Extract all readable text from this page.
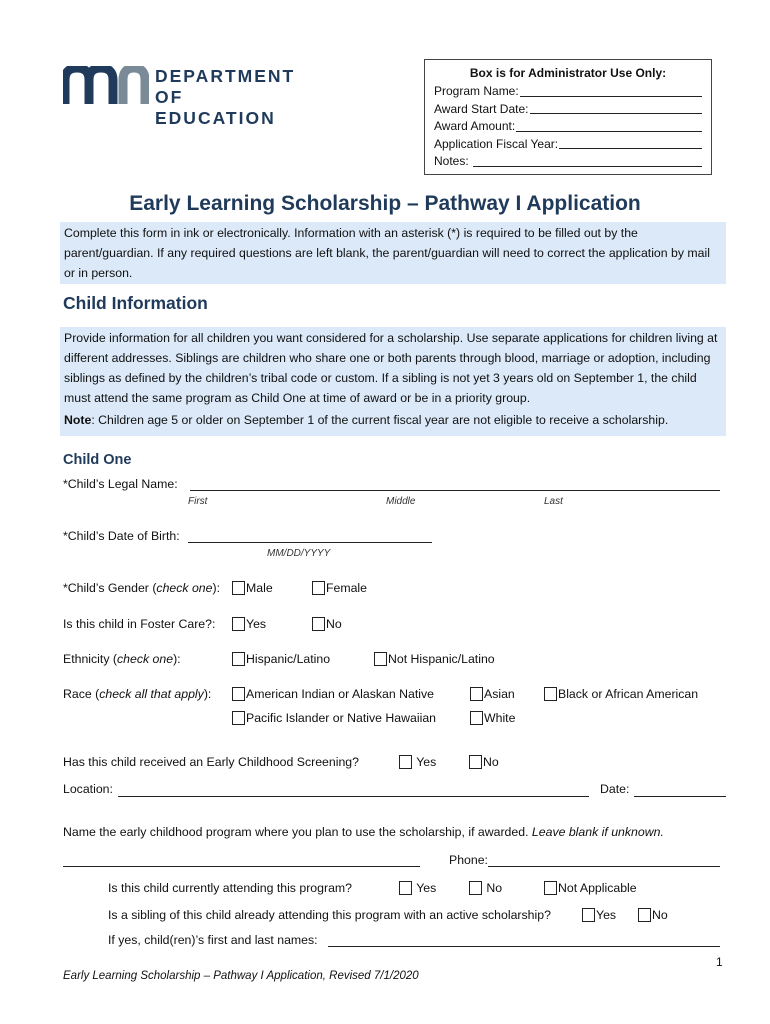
DEPARTMENT
OF EDUCATION
Box is for Administrator Use Only:
Program Name:
Award Start Date:
Award Amount:
Application Fiscal Year:
Notes:
Early Learning Scholarship – Pathway I Application
Complete this form in ink or electronically. Information with an asterisk (*) is required to be filled out by the parent/guardian. If any required questions are left blank, the parent/guardian will need to correct the application by mail or in person.
Child Information
Provide information for all children you want considered for a scholarship. Use separate applications for children living at different addresses. Siblings are children who share one or both parents through blood, marriage or adoption, including siblings as defined by the children’s tribal code or custom. If a sibling is not yet 3 years old on September 1, the child must attend the same program as Child One at time of award or be in a priority group.
Note: Children age 5 or older on September 1 of the current fiscal year are not eligible to receive a scholarship.
Child One
*Child’s Legal Name:
First	Middle	Last
*Child’s Date of Birth:
MM/DD/YYYY
*Child’s Gender (check one):	Male	Female
Is this child in Foster Care?:	Yes	No
Ethnicity (check one):	Hispanic/Latino	Not Hispanic/Latino
Race (check all that apply):	American Indian or Alaskan Native	Asian	Black or African American
Pacific Islander or Native Hawaiian	White
Has this child received an Early Childhood Screening?	Yes	No
Location:	Date:
Name the early childhood program where you plan to use the scholarship, if awarded. Leave blank if unknown.
Phone:
Is this child currently attending this program?	Yes	No	Not Applicable
Is a sibling of this child already attending this program with an active scholarship?	Yes	No
If yes, child(ren)’s first and last names:
1
Early Learning Scholarship – Pathway I Application, Revised 7/1/2020
